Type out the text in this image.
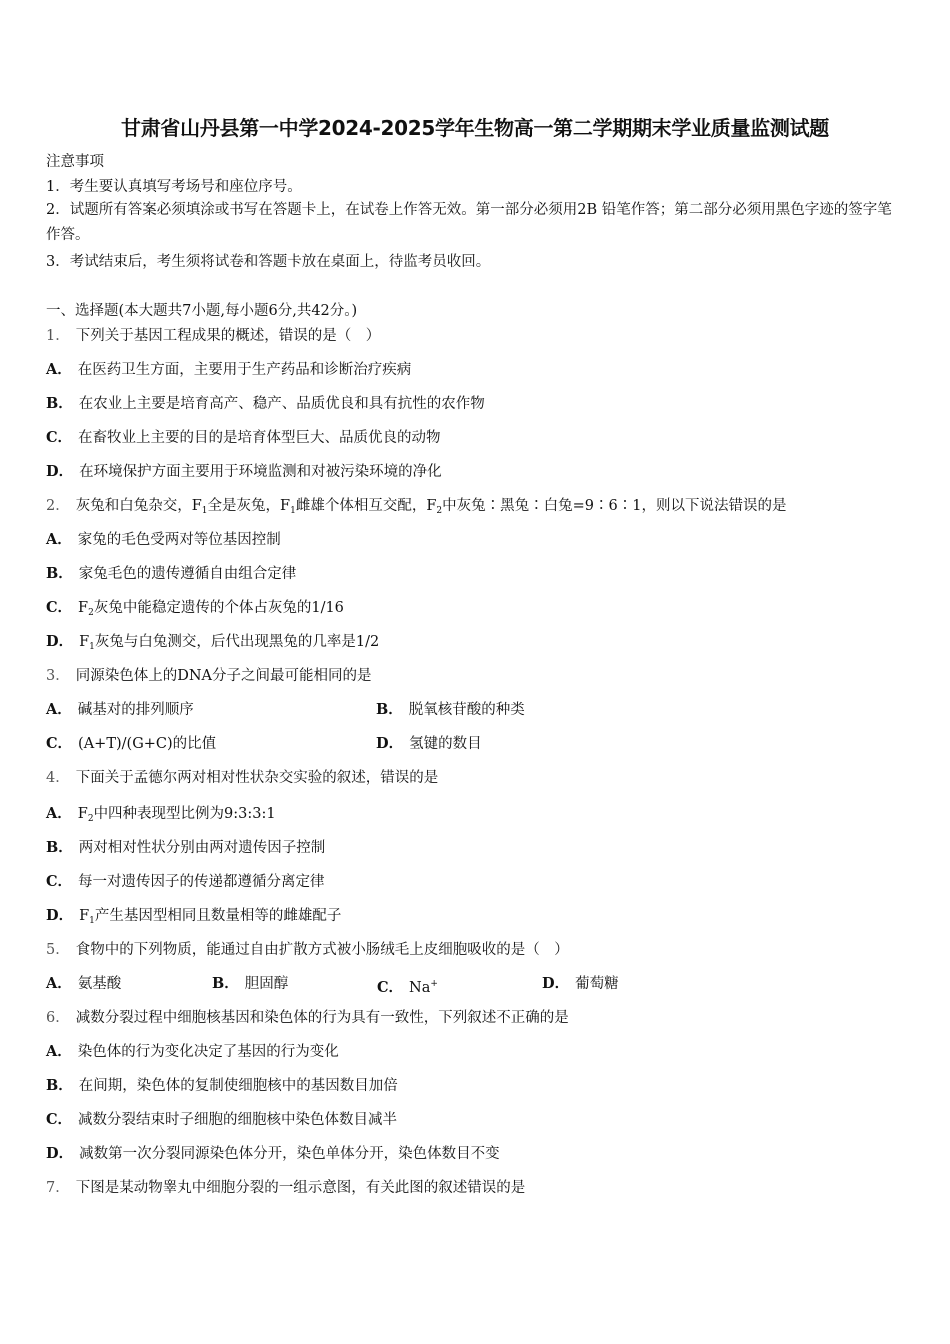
甘肃省山丹县第一中学2024-2025学年生物高一第二学期期末学业质量监测试题
注意事项
1．考生要认真填写考场号和座位序号。
2．试题所有答案必须填涂或书写在答题卡上，在试卷上作答无效。第一部分必须用2B 铅笔作答；第二部分必须用黑色字迹的签字笔作答。
3．考试结束后，考生须将试卷和答题卡放在桌面上，待监考员收回。
一、选择题(本大题共7小题,每小题6分,共42分。)
1． 下列关于基因工程成果的概述，错误的是（　）
A． 在医药卫生方面，主要用于生产药品和诊断治疗疾病
B． 在农业上主要是培育高产、稳产、品质优良和具有抗性的农作物
C． 在畜牧业上主要的目的是培育体型巨大、品质优良的动物
D． 在环境保护方面主要用于环境监测和对被污染环境的净化
2． 灰兔和白兔杂交，$F_1$全是灰兔，$F_1$雌雄个体相互交配，$F_2$中灰兔∶黑兔∶白兔=9∶6∶1，则以下说法错误的是
A． 家兔的毛色受两对等位基因控制
B． 家兔毛色的遗传遵循自由组合定律
C． $F_2$灰兔中能稳定遗传的个体占灰兔的1/16
D． $F_1$灰兔与白兔测交，后代出现黑兔的几率是1/2
3． 同源染色体上的DNA分子之间最可能相同的是
A． 碱基对的排列顺序	B． 脱氧核苷酸的种类
C． (A+T)/(G+C)的比值	D． 氢键的数目
4． 下面关于孟德尔两对相对性状杂交实验的叙述，错误的是
A． $F_2$中四种表现型比例为9:3:3:1
B． 两对相对性状分别由两对遗传因子控制
C． 每一对遗传因子的传递都遵循分离定律
D． $F_1$产生基因型相同且数量相等的雌雄配子
5． 食物中的下列物质，能通过自由扩散方式被小肠绒毛上皮细胞吸收的是（　）
A． 氨基酸	B． 胆固醇	C． Na+	D． 葡萄糖
6． 减数分裂过程中细胞核基因和染色体的行为具有一致性，下列叙述不正确的是
A． 染色体的行为变化决定了基因的行为变化
B． 在间期，染色体的复制使细胞核中的基因数目加倍
C． 减数分裂结束时子细胞的细胞核中染色体数目减半
D． 减数第一次分裂同源染色体分开，染色单体分开，染色体数目不变
7． 下图是某动物睾丸中细胞分裂的一组示意图，有关此图的叙述错误的是
